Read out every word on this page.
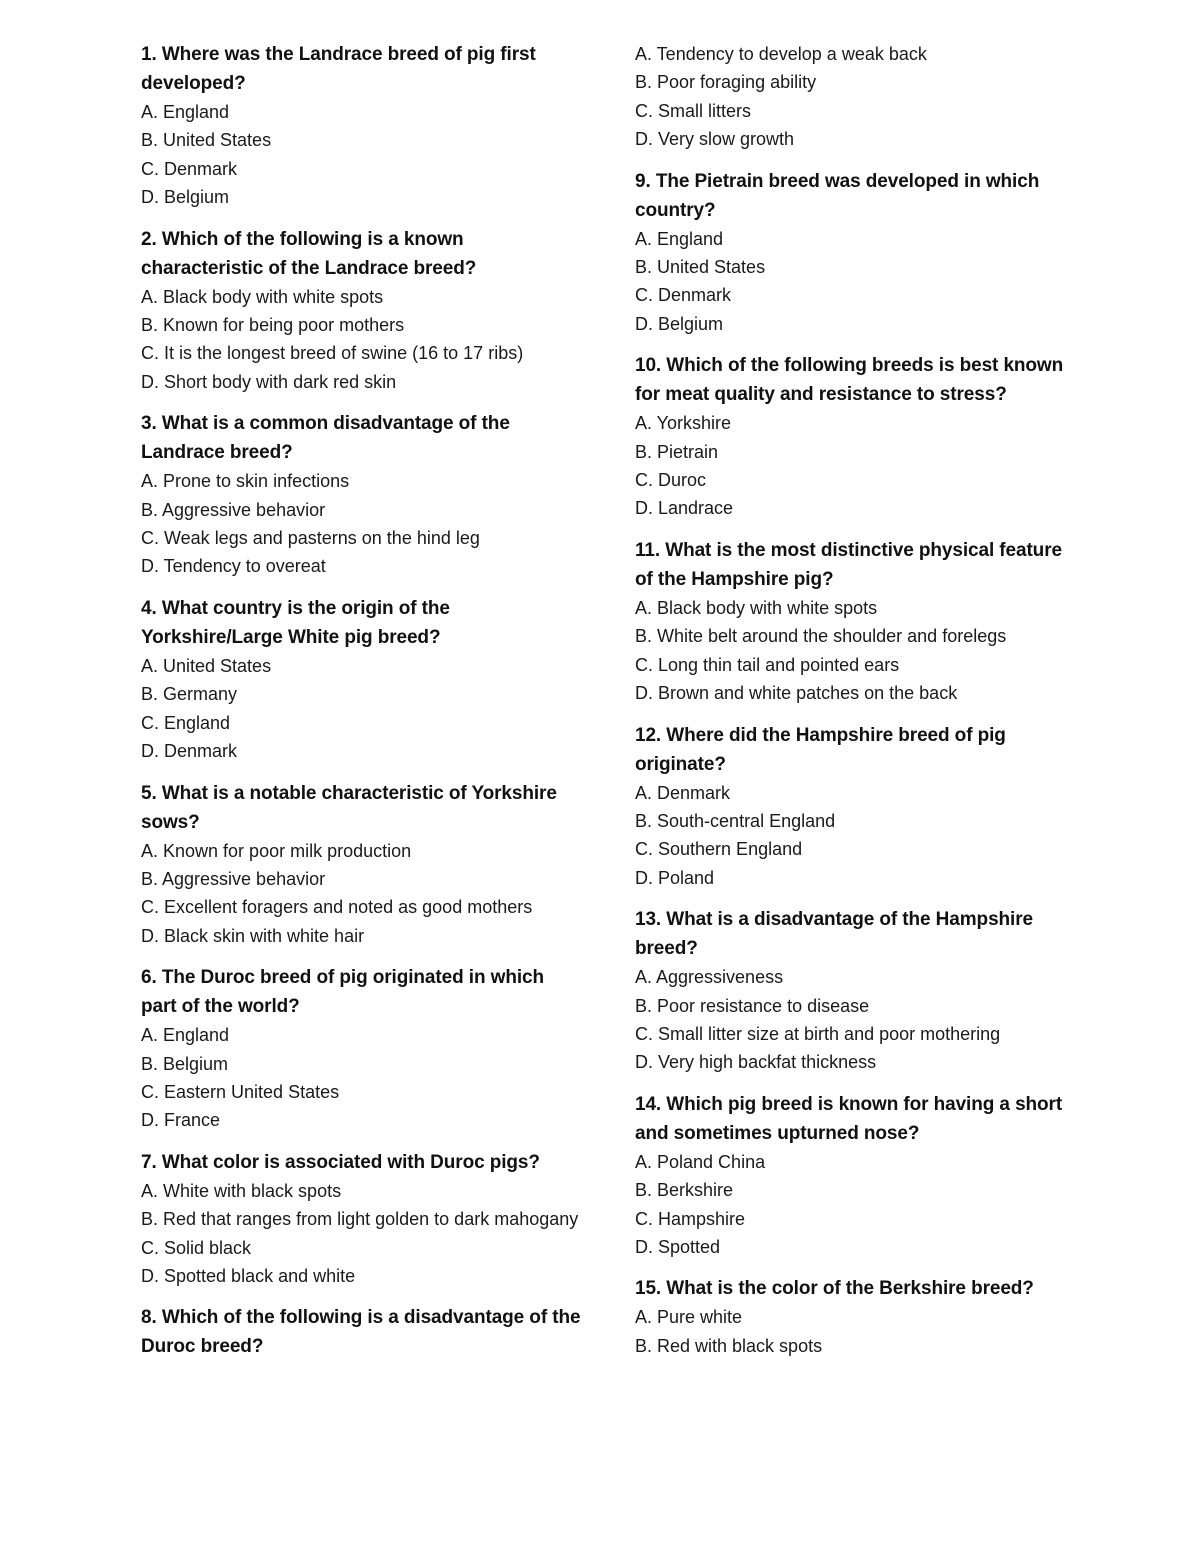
1. Where was the Landrace breed of pig first developed?

A. England

B. United States

C. Denmark

D. Belgium

2. Which of the following is a known characteristic of the Landrace breed?

A. Black body with white spots

B. Known for being poor mothers

C. It is the longest breed of swine (16 to 17 ribs)

D. Short body with dark red skin

3. What is a common disadvantage of the Landrace breed?

A. Prone to skin infections

B. Aggressive behavior

C. Weak legs and pasterns on the hind leg

D. Tendency to overeat

4. What country is the origin of the Yorkshire/Large White pig breed?

A. United States

B. Germany

C. England

D. Denmark

5. What is a notable characteristic of Yorkshire sows?

A. Known for poor milk production

B. Aggressive behavior

C. Excellent foragers and noted as good mothers

D. Black skin with white hair

6. The Duroc breed of pig originated in which part of the world?

A. England

B. Belgium

C. Eastern United States

D. France

7. What color is associated with Duroc pigs?

A. White with black spots

B. Red that ranges from light golden to dark mahogany

C. Solid black

D. Spotted black and white

8. Which of the following is a disadvantage of the Duroc breed?

A. Tendency to develop a weak back

B. Poor foraging ability

C. Small litters

D. Very slow growth

9. The Pietrain breed was developed in which country?

A. England

B. United States

C. Denmark

D. Belgium

10. Which of the following breeds is best known for meat quality and resistance to stress?

A. Yorkshire

B. Pietrain

C. Duroc

D. Landrace

11. What is the most distinctive physical feature of the Hampshire pig?

A. Black body with white spots

B. White belt around the shoulder and forelegs

C. Long thin tail and pointed ears

D. Brown and white patches on the back

12. Where did the Hampshire breed of pig originate?

A. Denmark

B. South-central England

C. Southern England

D. Poland

13. What is a disadvantage of the Hampshire breed?

A. Aggressiveness

B. Poor resistance to disease

C. Small litter size at birth and poor mothering

D. Very high backfat thickness

14. Which pig breed is known for having a short and sometimes upturned nose?

A. Poland China

B. Berkshire

C. Hampshire

D. Spotted

15. What is the color of the Berkshire breed?

A. Pure white

B. Red with black spots
